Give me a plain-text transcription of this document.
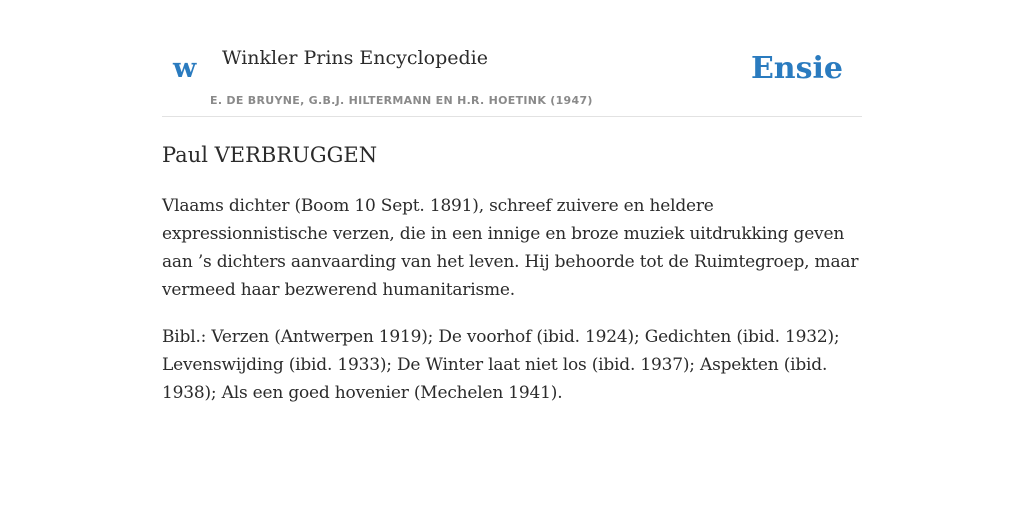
w Winkler Prins Encyclopedie
E. DE BRUYNE, G.B.J. HILTERMANN EN H.R. HOETINK (1947)
Ensie
Paul VERBRUGGEN

Vlaams dichter (Boom 10 Sept. 1891), schreef zuivere en heldere expressionnistische verzen, die in een innige en broze muziek uitdrukking geven aan ’s dichters aanvaarding van het leven. Hij behoorde tot de Ruimtegroep, maar vermeed haar bezwerend humanitarisme.

Bibl.: Verzen (Antwerpen 1919); De voorhof (ibid. 1924); Gedichten (ibid. 1932); Levenswijding (ibid. 1933); De Winter laat niet los (ibid. 1937); Aspekten (ibid. 1938); Als een goed hovenier (Mechelen 1941).
